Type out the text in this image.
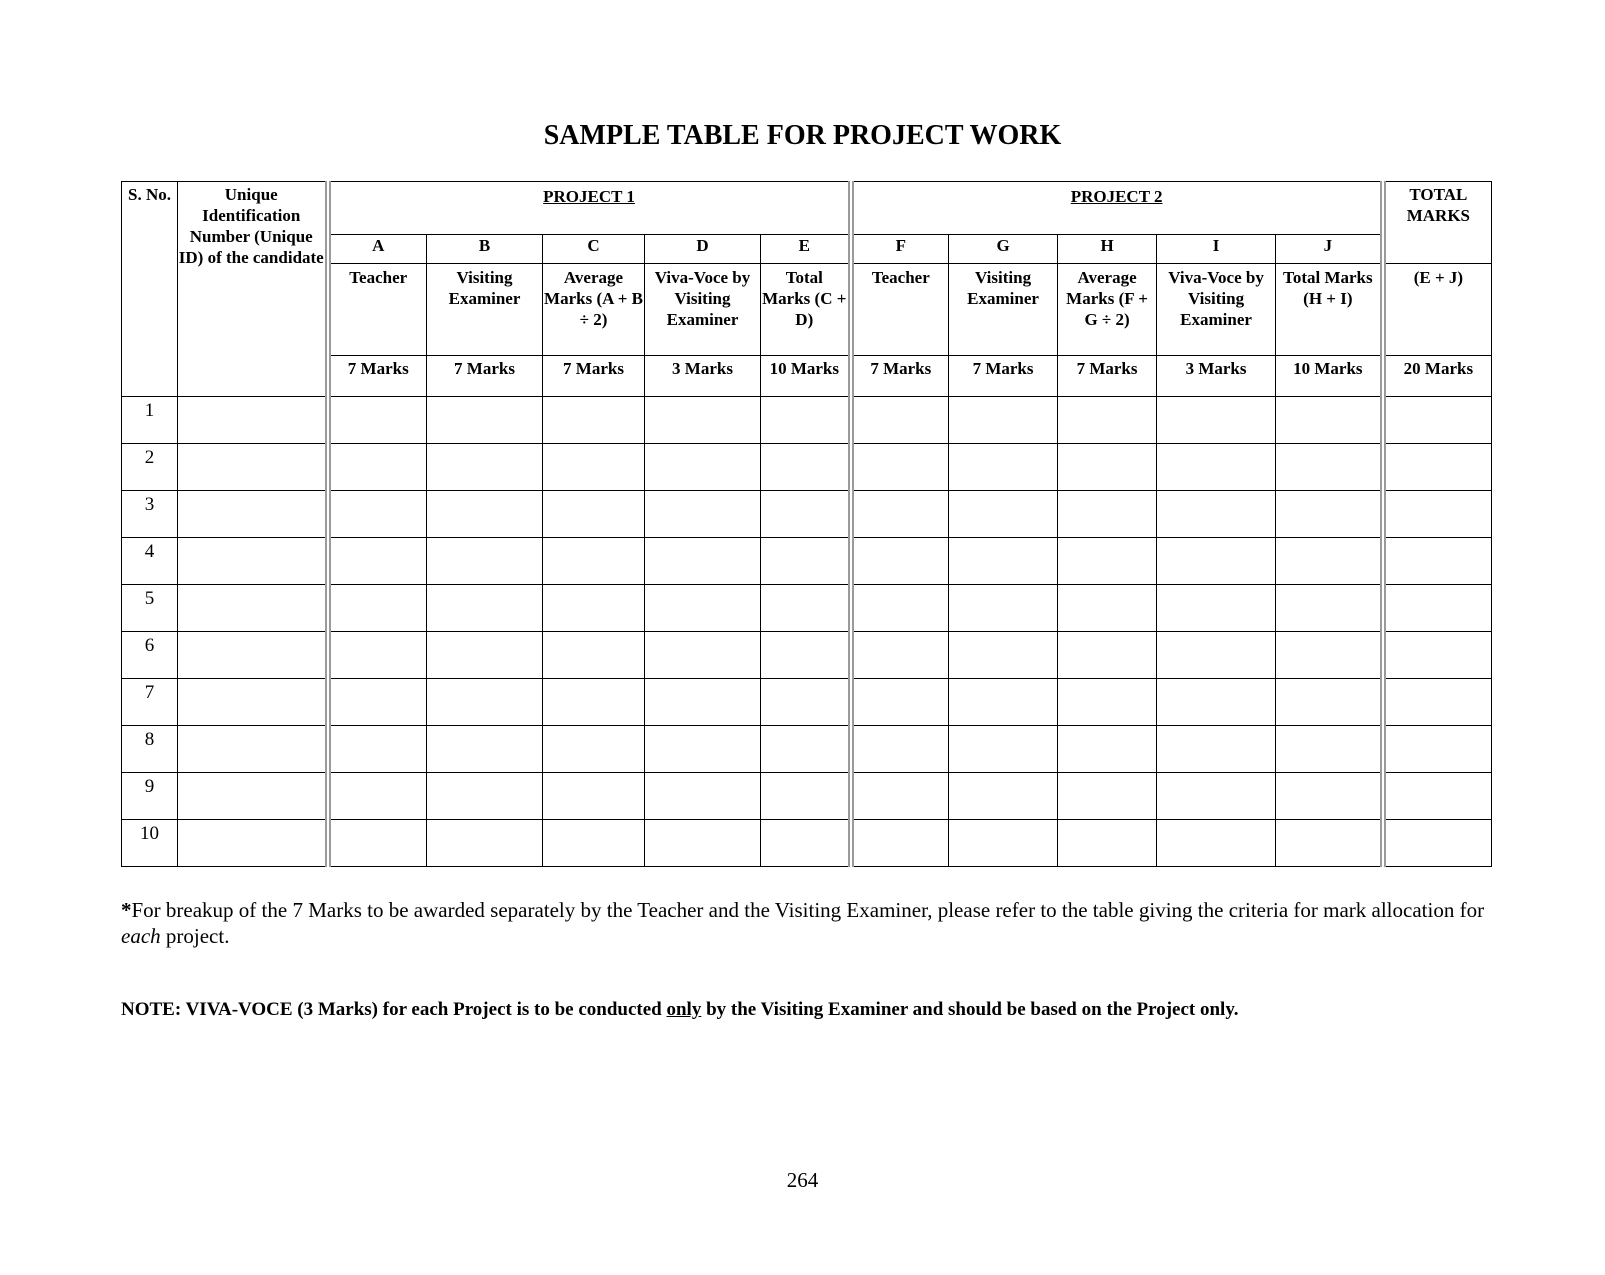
SAMPLE TABLE FOR PROJECT WORK
S. No.	Unique Identification Number (Unique ID) of the candidate	PROJECT 1					PROJECT 2					TOTAL MARKS
		A	B	C	D	E	F	G	H	I	J	
		Teacher	Visiting Examiner	Average Marks (A + B ÷ 2)	Viva-Voce by Visiting Examiner	Total Marks (C + D)	Teacher	Visiting Examiner	Average Marks (F + G ÷ 2)	Viva-Voce by Visiting Examiner	Total Marks (H + I)	(E + J)
		7 Marks	7 Marks	7 Marks	3 Marks	10 Marks	7 Marks	7 Marks	7 Marks	3 Marks	10 Marks	20 Marks
1												
2												
3												
4												
5												
6												
7												
8												
9												
10												

*For breakup of the 7 Marks to be awarded separately by the Teacher and the Visiting Examiner, please refer to the table giving the criteria for mark allocation for each project.

NOTE: VIVA-VOCE (3 Marks) for each Project is to be conducted only by the Visiting Examiner and should be based on the Project only.

264
